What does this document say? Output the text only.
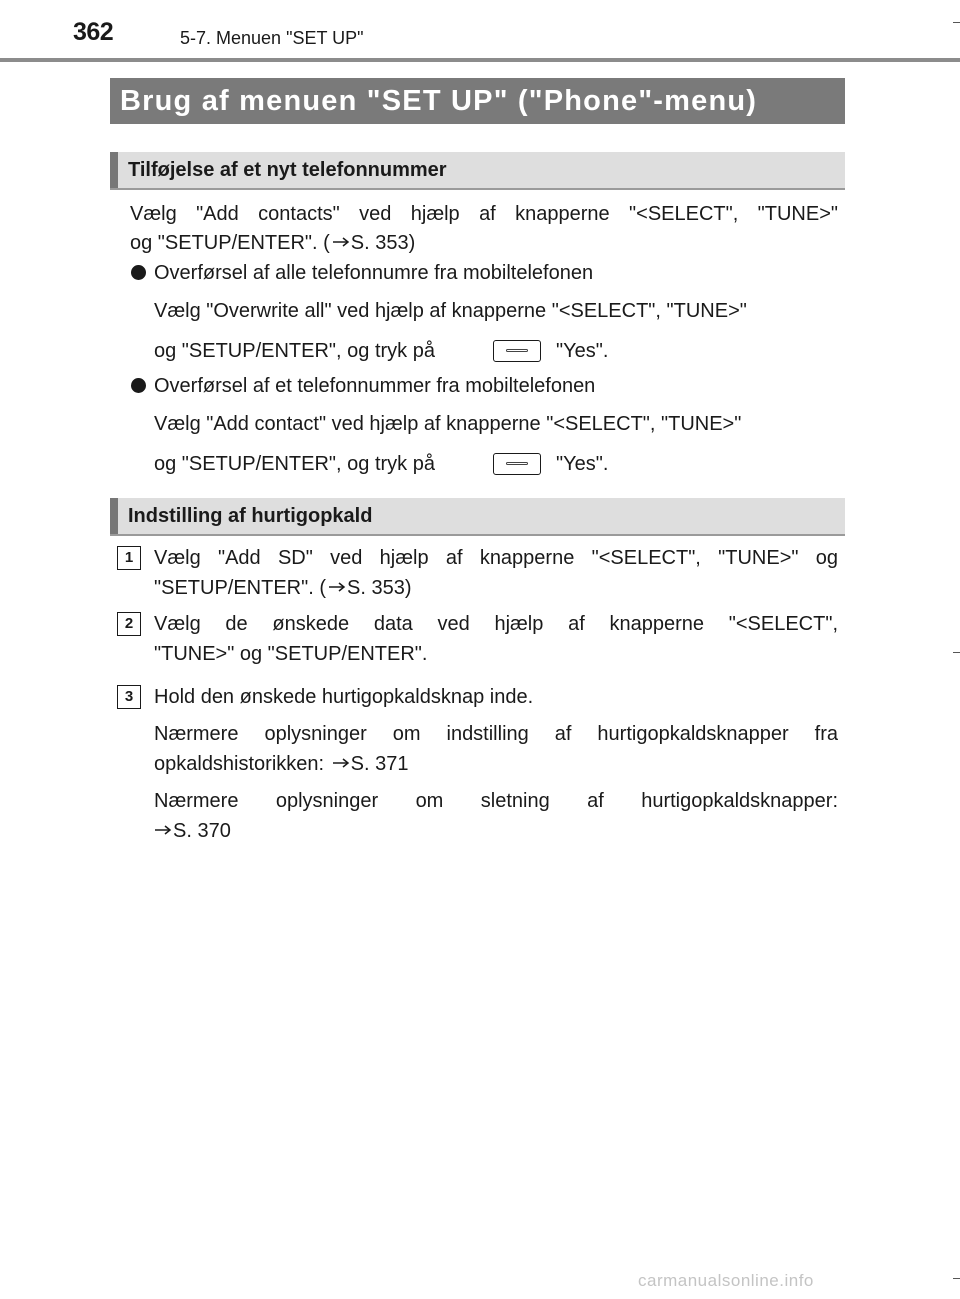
362	5-7. Menuen "SET UP"
Brug af menuen "SET UP" ("Phone"-menu)
Tilføjelse af et nyt telefonnummer
Vælg "Add contacts" ved hjælp af knapperne "<SELECT", "TUNE>"
og "SETUP/ENTER". ( S. 353)
Overførsel af alle telefonnumre fra mobiltelefonen
Vælg "Overwrite all" ved hjælp af knapperne "<SELECT", "TUNE>"
og "SETUP/ENTER", og tryk på	"Yes".
Overførsel af et telefonnummer fra mobiltelefonen
Vælg "Add contact" ved hjælp af knapperne "<SELECT", "TUNE>"
og "SETUP/ENTER", og tryk på	"Yes".
Indstilling af hurtigopkald
1	Vælg "Add SD" ved hjælp af knapperne "<SELECT", "TUNE>" og
"SETUP/ENTER". ( S. 353)
2	Vælg de ønskede data ved hjælp af knapperne "<SELECT",
"TUNE>" og "SETUP/ENTER".
3	Hold den ønskede hurtigopkaldsknap inde.
Nærmere oplysninger om indstilling af hurtigopkaldsknapper fra
opkaldshistorikken: S. 371
Nærmere oplysninger om sletning af hurtigopkaldsknapper:
S. 370
carmanualsonline.info
